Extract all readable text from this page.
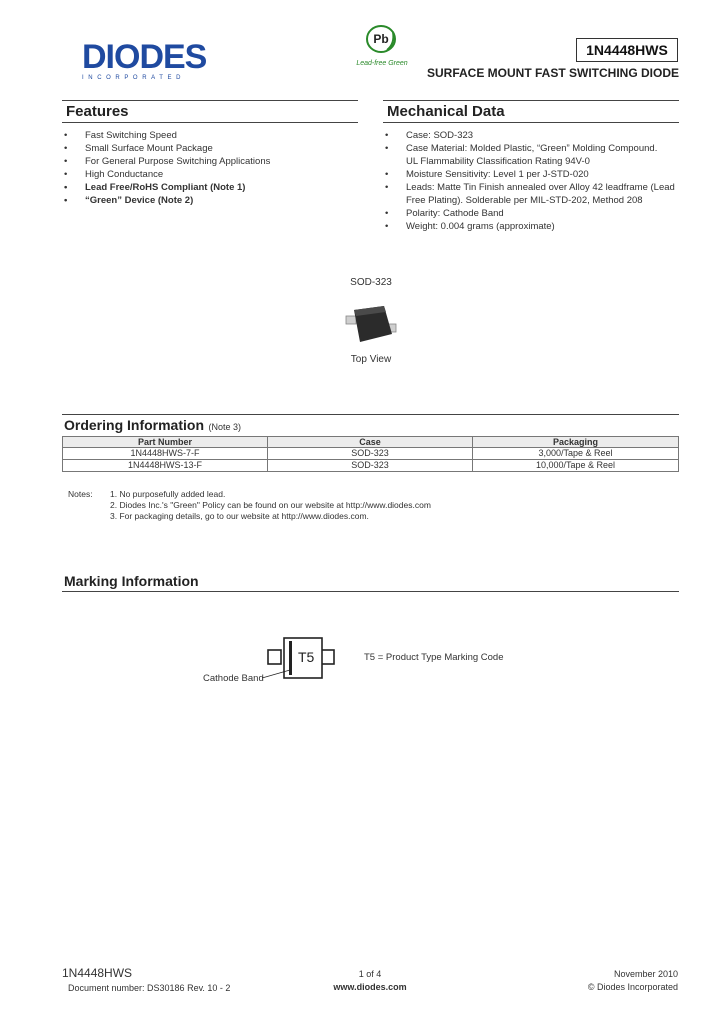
DIODES
INCORPORATED
Pb
Lead-free Green
1N4448HWS
SURFACE MOUNT FAST SWITCHING DIODE
Features
• Fast Switching Speed
• Small Surface Mount Package
• For General Purpose Switching Applications
• High Conductance
• Lead Free/RoHS Compliant (Note 1)
• “Green” Device (Note 2)
Mechanical Data
• Case: SOD-323
• Case Material: Molded Plastic, “Green” Molding Compound.
UL Flammability Classification Rating 94V-0
• Moisture Sensitivity: Level 1 per J-STD-020
• Leads: Matte Tin Finish annealed over Alloy 42 leadframe (Lead
Free Plating). Solderable per MIL-STD-202, Method 208
• Polarity: Cathode Band
• Weight: 0.004 grams (approximate)
SOD-323
Top View
Ordering Information (Note 3)
Part Number	Case	Packaging
1N4448HWS-7-F	SOD-323	3,000/Tape & Reel
1N4448HWS-13-F	SOD-323	10,000/Tape & Reel
Notes: 1. No purposefully added lead.
2. Diodes Inc.'s "Green" Policy can be found on our website at http://www.diodes.com
3. For packaging details, go to our website at http://www.diodes.com.
Marking Information
T5	T5 = Product Type Marking Code
Cathode Band
1N4448HWS
Document number: DS30186 Rev. 10 - 2
1 of 4
www.diodes.com
November 2010
© Diodes Incorporated
